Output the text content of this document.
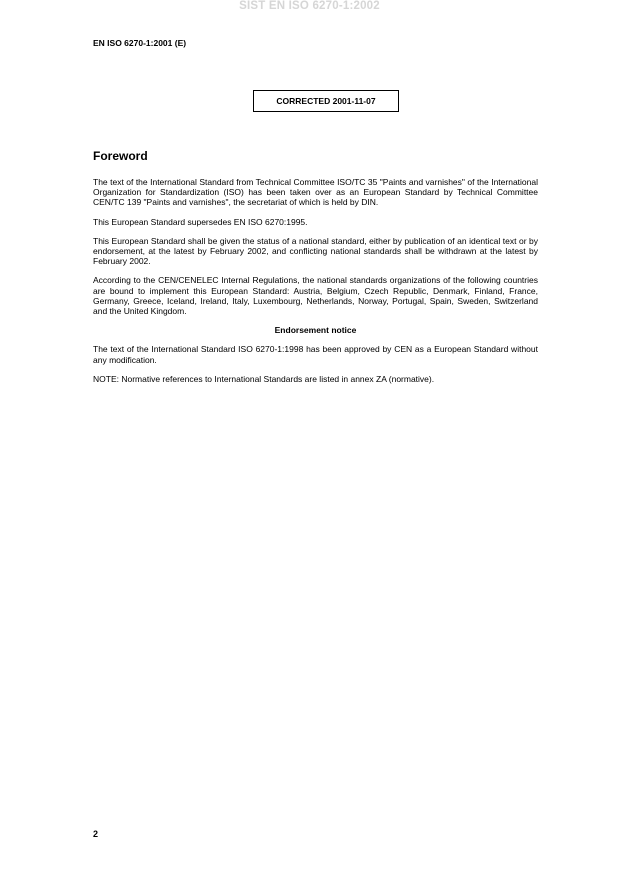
SIST EN ISO 6270-1:2002
EN ISO 6270-1:2001 (E)
CORRECTED 2001-11-07
Foreword

The text of the International Standard from Technical Committee ISO/TC 35 "Paints and varnishes" of the International Organization for Standardization (ISO) has been taken over as an European Standard by Technical Committee CEN/TC 139 "Paints and varnishes", the secretariat of which is held by DIN.

This European Standard supersedes EN ISO 6270:1995.

This European Standard shall be given the status of a national standard, either by publication of an identical text or by endorsement, at the latest by February 2002, and conflicting national standards shall be withdrawn at the latest by February 2002.

According to the CEN/CENELEC Internal Regulations, the national standards organizations of the following countries are bound to implement this European Standard: Austria, Belgium, Czech Republic, Denmark, Finland, France, Germany, Greece, Iceland, Ireland, Italy, Luxembourg, Netherlands, Norway, Portugal, Spain, Sweden, Switzerland and the United Kingdom.

Endorsement notice

The text of the International Standard ISO 6270-1:1998 has been approved by CEN as a European Standard without any modification.

NOTE: Normative references to International Standards are listed in annex ZA (normative).

2
